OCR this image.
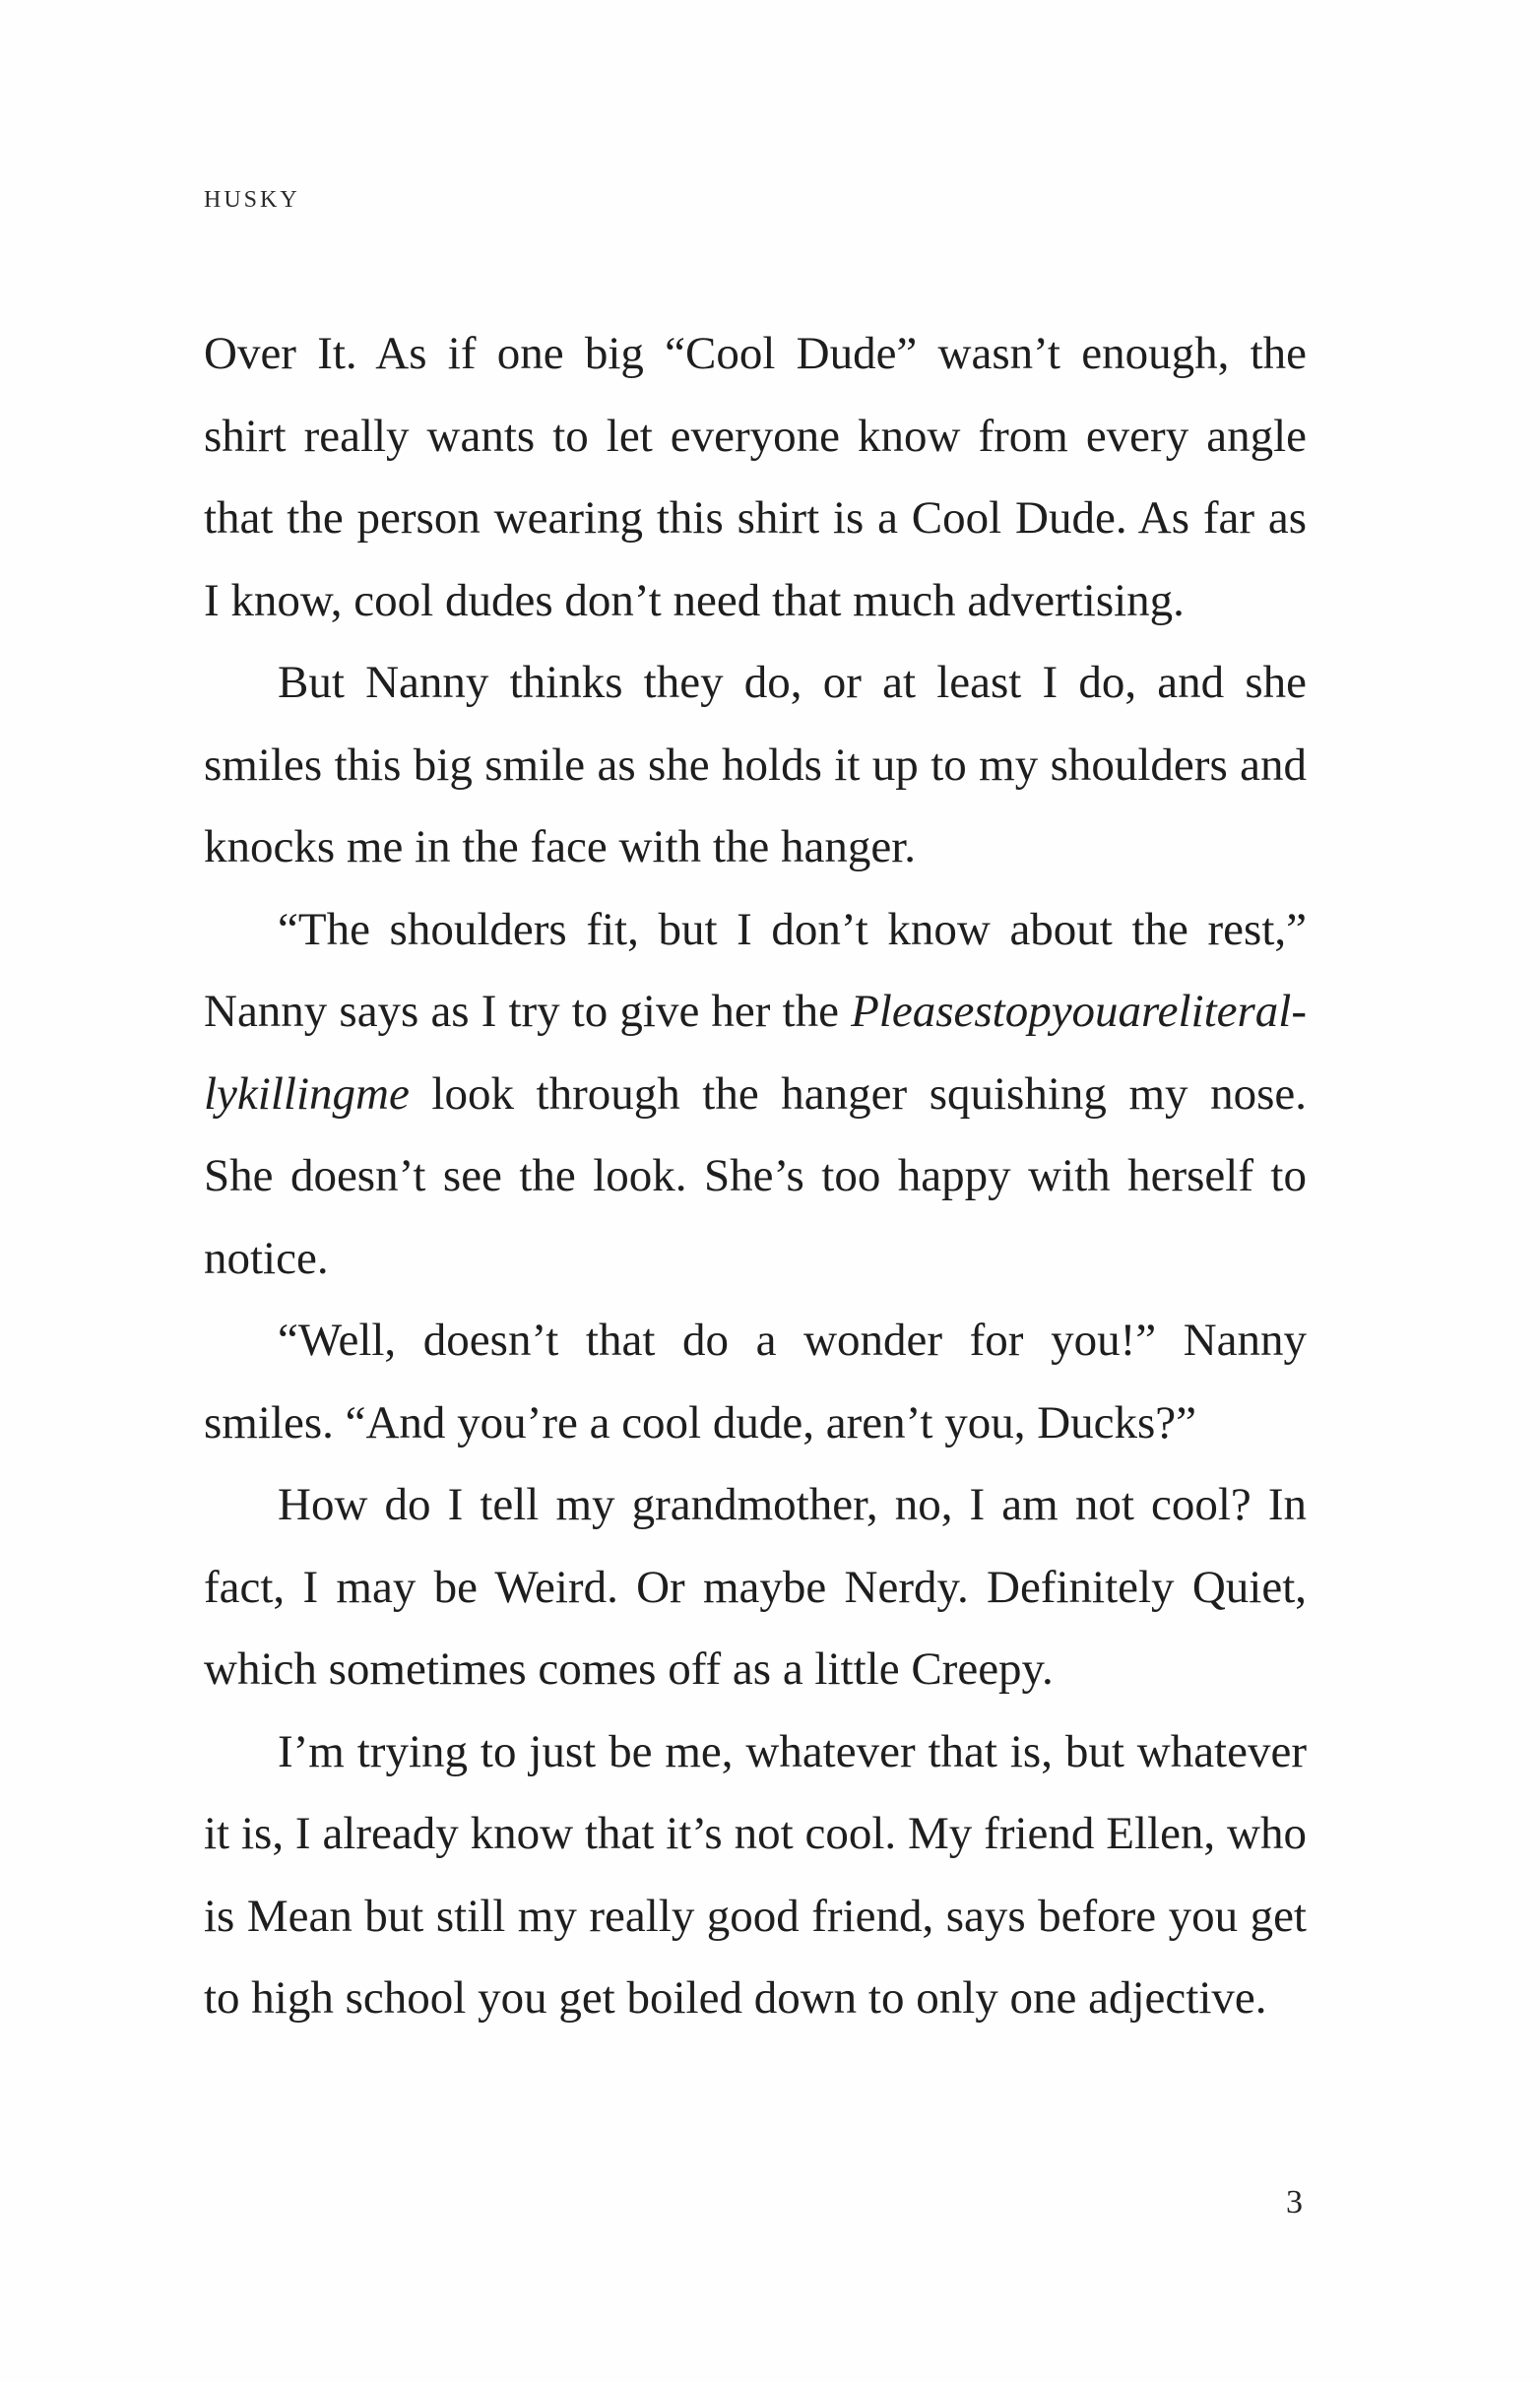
HUSKY

Over It. As if one big “Cool Dude” wasn’t enough, the shirt really wants to let everyone know from every angle that the person wearing this shirt is a Cool Dude. As far as I know, cool dudes don’t need that much advertising.

But Nanny thinks they do, or at least I do, and she smiles this big smile as she holds it up to my shoulders and knocks me in the face with the hanger.

“The shoulders fit, but I don’t know about the rest,” Nanny says as I try to give her the Pleasestopyouareliterallykillingme look through the hanger squishing my nose. She doesn’t see the look. She’s too happy with herself to notice.

“Well, doesn’t that do a wonder for you!” Nanny smiles. “And you’re a cool dude, aren’t you, Ducks?”

How do I tell my grandmother, no, I am not cool? In fact, I may be Weird. Or maybe Nerdy. Definitely Quiet, which sometimes comes off as a little Creepy.

I’m trying to just be me, whatever that is, but whatever it is, I already know that it’s not cool. My friend Ellen, who is Mean but still my really good friend, says before you get to high school you get boiled down to only one adjective.

3
